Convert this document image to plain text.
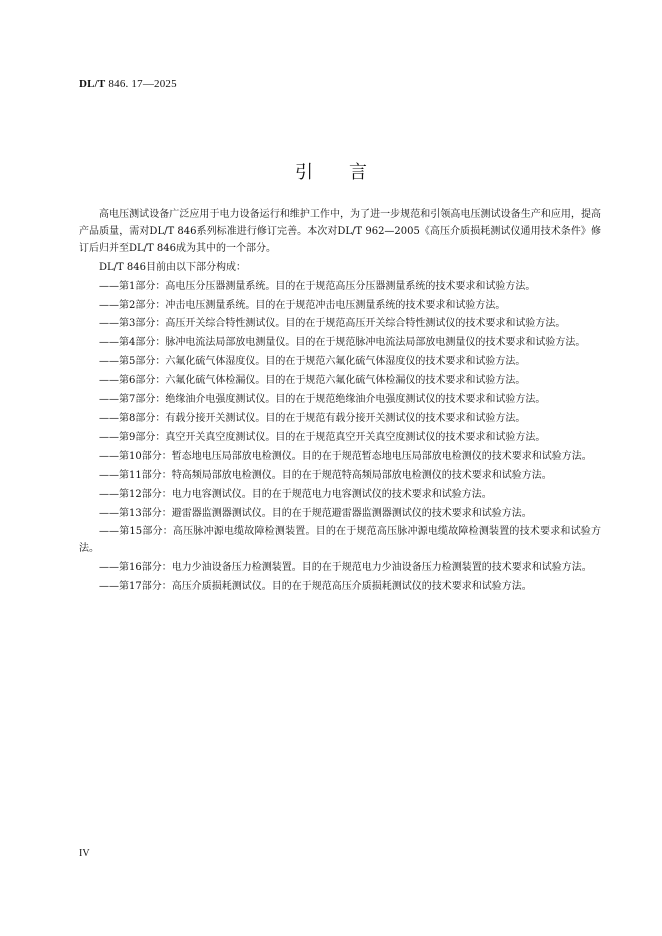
DL/T 846. 17—2025
引言

高电压测试设备广泛应用于电力设备运行和维护工作中，为了进一步规范和引领高电压测试设备生产和应用，提高产品质量，需对DL/T 846系列标准进行修订完善。本次对DL/T 962—2005《高压介质损耗测试仪通用技术条件》修订后归并至DL/T 846成为其中的一个部分。

DL/T 846目前由以下部分构成：

——第1部分：高电压分压器测量系统。目的在于规范高压分压器测量系统的技术要求和试验方法。

——第2部分：冲击电压测量系统。目的在于规范冲击电压测量系统的技术要求和试验方法。

——第3部分：高压开关综合特性测试仪。目的在于规范高压开关综合特性测试仪的技术要求和试验方法。

——第4部分：脉冲电流法局部放电测量仪。目的在于规范脉冲电流法局部放电测量仪的技术要求和试验方法。

——第5部分：六氟化硫气体湿度仪。目的在于规范六氟化硫气体湿度仪的技术要求和试验方法。

——第6部分：六氟化硫气体检漏仪。目的在于规范六氟化硫气体检漏仪的技术要求和试验方法。

——第7部分：绝缘油介电强度测试仪。目的在于规范绝缘油介电强度测试仪的技术要求和试验方法。

——第8部分：有载分接开关测试仪。目的在于规范有载分接开关测试仪的技术要求和试验方法。

——第9部分：真空开关真空度测试仪。目的在于规范真空开关真空度测试仪的技术要求和试验方法。

——第10部分：暂态地电压局部放电检测仪。目的在于规范暂态地电压局部放电检测仪的技术要求和试验方法。

——第11部分：特高频局部放电检测仪。目的在于规范特高频局部放电检测仪的技术要求和试验方法。

——第12部分：电力电容测试仪。目的在于规范电力电容测试仪的技术要求和试验方法。

——第13部分：避雷器监测器测试仪。目的在于规范避雷器监测器测试仪的技术要求和试验方法。

——第15部分：高压脉冲源电缆故障检测装置。目的在于规范高压脉冲源电缆故障检测装置的技术要求和试验方法。

——第16部分：电力少油设备压力检测装置。目的在于规范电力少油设备压力检测装置的技术要求和试验方法。

——第17部分：高压介质损耗测试仪。目的在于规范高压介质损耗测试仪的技术要求和试验方法。

IV
